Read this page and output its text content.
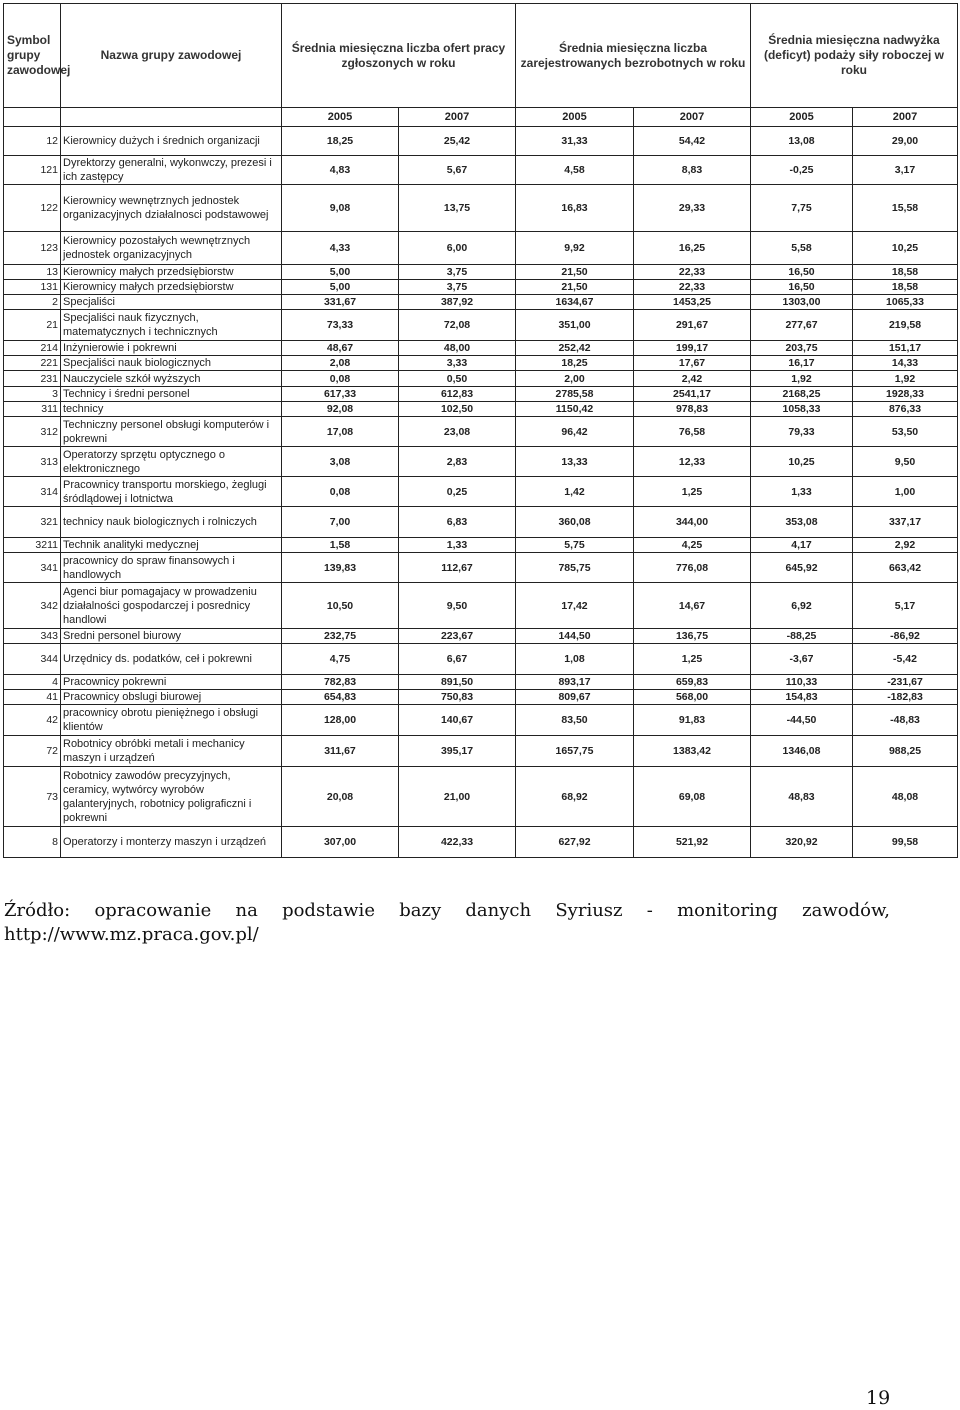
Symbol grupy zawodowej	Nazwa grupy zawodowej	Średnia miesięczna liczba ofert pracy zgłoszonych w roku		Średnia miesięczna liczba zarejestrowanych bezrobotnych w roku		Średnia miesięczna nadwyżka (deficyt) podaży siły roboczej w roku	
		2005	2007	2005	2007	2005	2007
12	Kierownicy dużych i średnich organizacji	18,25	25,42	31,33	54,42	13,08	29,00
121	Dyrektorzy generalni, wykonwczy, prezesi i ich zastępcy	4,83	5,67	4,58	8,83	-0,25	3,17
122	Kierownicy wewnętrznych jednostek organizacyjnych działalnosci podstawowej	9,08	13,75	16,83	29,33	7,75	15,58
123	Kierownicy pozostałych wewnętrznych jednostek organizacyjnych	4,33	6,00	9,92	16,25	5,58	10,25
13	Kierownicy małych przedsiębiorstw	5,00	3,75	21,50	22,33	16,50	18,58
131	Kierownicy małych przedsiębiorstw	5,00	3,75	21,50	22,33	16,50	18,58
2	Specjaliści	331,67	387,92	1634,67	1453,25	1303,00	1065,33
21	Specjaliści nauk fizycznych, matematycznych i technicznych	73,33	72,08	351,00	291,67	277,67	219,58
214	Inżynierowie i pokrewni	48,67	48,00	252,42	199,17	203,75	151,17
221	Specjaliści nauk biologicznych	2,08	3,33	18,25	17,67	16,17	14,33
231	Nauczyciele szkół wyższych	0,08	0,50	2,00	2,42	1,92	1,92
3	Technicy i średni personel	617,33	612,83	2785,58	2541,17	2168,25	1928,33
311	technicy	92,08	102,50	1150,42	978,83	1058,33	876,33
312	Techniczny personel obsługi komputerów i pokrewni	17,08	23,08	96,42	76,58	79,33	53,50
313	Operatorzy sprzętu optycznego o elektronicznego	3,08	2,83	13,33	12,33	10,25	9,50
314	Pracownicy transportu morskiego, żeglugi śródlądowej i lotnictwa	0,08	0,25	1,42	1,25	1,33	1,00
321	technicy nauk biologicznych i rolniczych	7,00	6,83	360,08	344,00	353,08	337,17
3211	Technik analityki medycznej	1,58	1,33	5,75	4,25	4,17	2,92
341	pracownicy do spraw finansowych i handlowych	139,83	112,67	785,75	776,08	645,92	663,42
342	Agenci biur pomagajacy w prowadzeniu działalności gospodarczej i posrednicy handlowi	10,50	9,50	17,42	14,67	6,92	5,17
343	Sredni personel biurowy	232,75	223,67	144,50	136,75	-88,25	-86,92
344	Urzędnicy ds. podatków, ceł i pokrewni	4,75	6,67	1,08	1,25	-3,67	-5,42
4	Pracownicy pokrewni	782,83	891,50	893,17	659,83	110,33	-231,67
41	Pracownicy obslugi biurowej	654,83	750,83	809,67	568,00	154,83	-182,83
42	pracownicy obrotu pieniężnego i obsługi klientów	128,00	140,67	83,50	91,83	-44,50	-48,83
72	Robotnicy obróbki metali i mechanicy maszyn i urządzeń	311,67	395,17	1657,75	1383,42	1346,08	988,25
73	Robotnicy zawodów precyzyjnych, ceramicy, wytwórcy wyrobów galanteryjnych, robotnicy poligraficzni i pokrewni	20,08	21,00	68,92	69,08	48,83	48,08
8	Operatorzy i monterzy maszyn i urządzeń	307,00	422,33	627,92	521,92	320,92	99,58
Źródło: opracowanie na podstawie bazy danych Syriusz - monitoring zawodów, http://www.mz.praca.gov.pl/
19
